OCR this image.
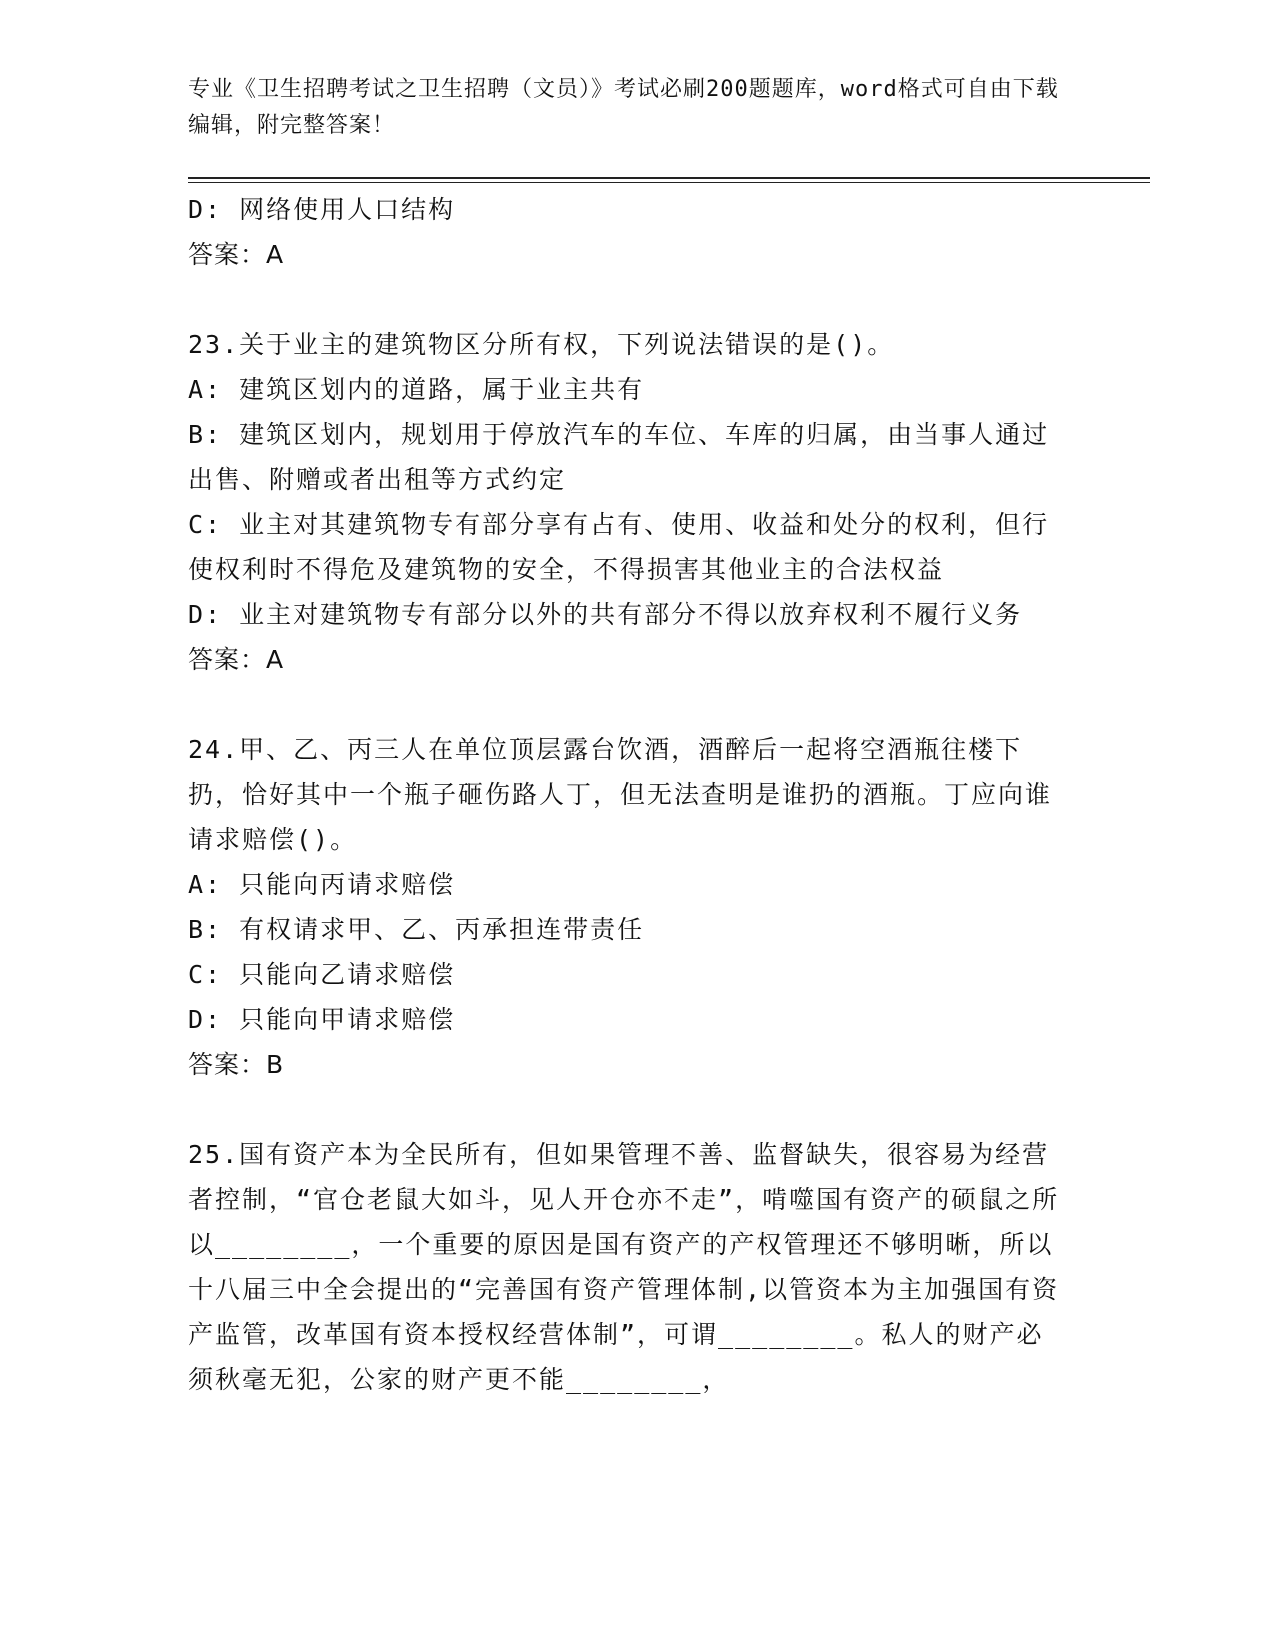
专业《卫生招聘考试之卫生招聘（文员）》考试必刷200题题库，word格式可自由下载编辑，附完整答案！
D: 网络使用人口结构
答案：A
23.关于业主的建筑物区分所有权，下列说法错误的是()。
A: 建筑区划内的道路，属于业主共有
B: 建筑区划内，规划用于停放汽车的车位、车库的归属，由当事人通过出售、附赠或者出租等方式约定
C: 业主对其建筑物专有部分享有占有、使用、收益和处分的权利，但行使权利时不得危及建筑物的安全，不得损害其他业主的合法权益
D: 业主对建筑物专有部分以外的共有部分不得以放弃权利不履行义务
答案：A
24.甲、乙、丙三人在单位顶层露台饮酒，酒醉后一起将空酒瓶往楼下扔，恰好其中一个瓶子砸伤路人丁，但无法查明是谁扔的酒瓶。丁应向谁请求赔偿()。
A: 只能向丙请求赔偿
B: 有权请求甲、乙、丙承担连带责任
C: 只能向乙请求赔偿
D: 只能向甲请求赔偿
答案：B
25.国有资产本为全民所有，但如果管理不善、监督缺失，很容易为经营者控制，“官仓老鼠大如斗，见人开仓亦不走”，啃噬国有资产的硕鼠之所以________，一个重要的原因是国有资产的产权管理还不够明晰，所以十八届三中全会提出的“完善国有资产管理体制,以管资本为主加强国有资产监管，改革国有资本授权经营体制”，可谓________。私人的财产必须秋毫无犯，公家的财产更不能________，
